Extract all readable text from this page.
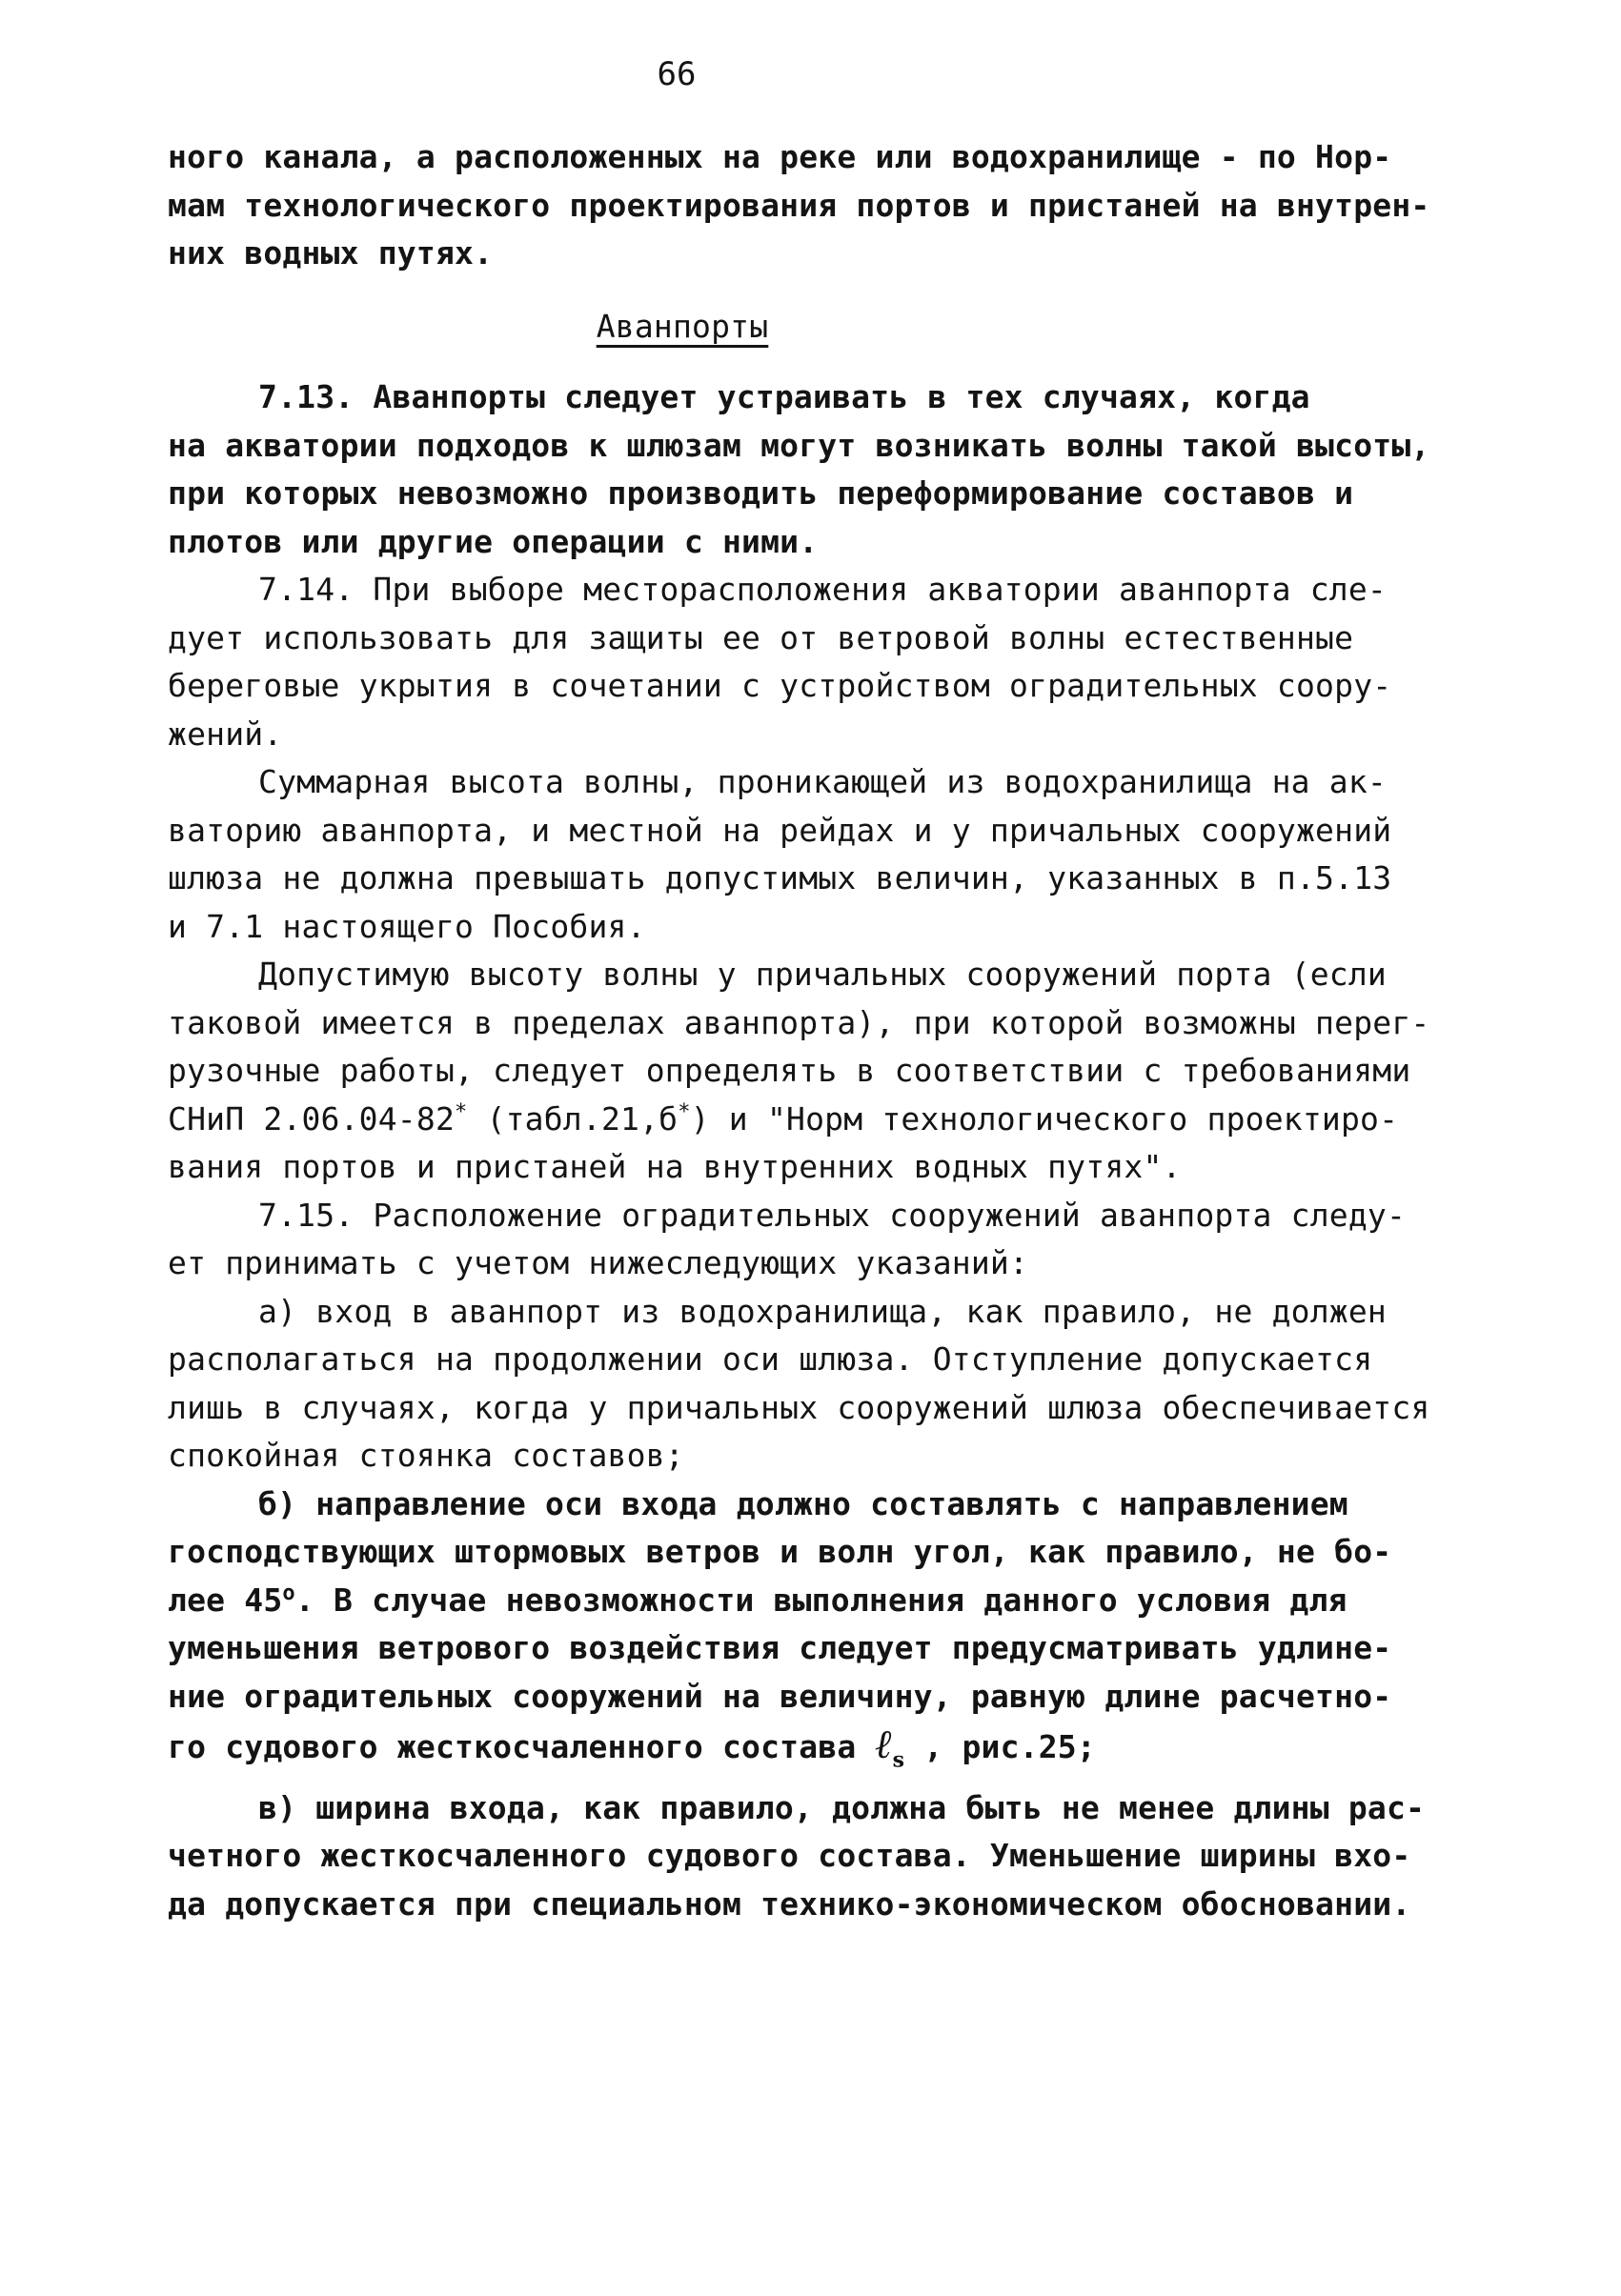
66

ного канала, а расположенных на реке или водохранилище - по Нор-
мам технологического проектирования портов и пристаней на внутрен-
них водных путях.

Аванпорты

7.13. Аванпорты следует устраивать в тех случаях, когда
на акватории подходов к шлюзам могут возникать волны такой высоты,
при которых невозможно производить переформирование составов и
плотов или другие операции с ними.

7.14. При выборе месторасположения акватории аванпорта сле-
дует использовать для защиты ее от ветровой волны естественные
береговые укрытия в сочетании с устройством оградительных соору-
жений.

Суммарная высота волны, проникающей из водохранилища на ак-
ваторию аванпорта, и местной на рейдах и у причальных сооружений
шлюза не должна превышать допустимых величин, указанных в п.5.13
и 7.1 настоящего Пособия.

Допустимую высоту волны у причальных сооружений порта (если
таковой имеется в пределах аванпорта), при которой возможны перег-
рузочные работы, следует определять в соответствии с требованиями
СНиП 2.06.04-82* (табл.21,б*) и "Норм технологического проектиро-
вания портов и пристаней на внутренних водных путях".

7.15. Расположение оградительных сооружений аванпорта следу-
ет принимать с учетом нижеследующих указаний:

а) вход в аванпорт из водохранилища, как правило, не должен
располагаться на продолжении оси шлюза. Отступление допускается
лишь в случаях, когда у причальных сооружений шлюза обеспечивается
спокойная стоянка составов;

б) направление оси входа должно составлять с направлением
господствующих штормовых ветров и волн угол, как правило, не бо-
лее $45^о$. В случае невозможности выполнения данного условия для
уменьшения ветрового воздействия следует предусматривать удлине-
ние оградительных сооружений на величину, равную длине расчетно-
го судового жесткосчаленного состава ℓ$_s$ , рис.25;

в) ширина входа, как правило, должна быть не менее длины рас-
четного жесткосчаленного судового состава. Уменьшение ширины вхо-
да допускается при специальном технико-экономическом обосновании.
